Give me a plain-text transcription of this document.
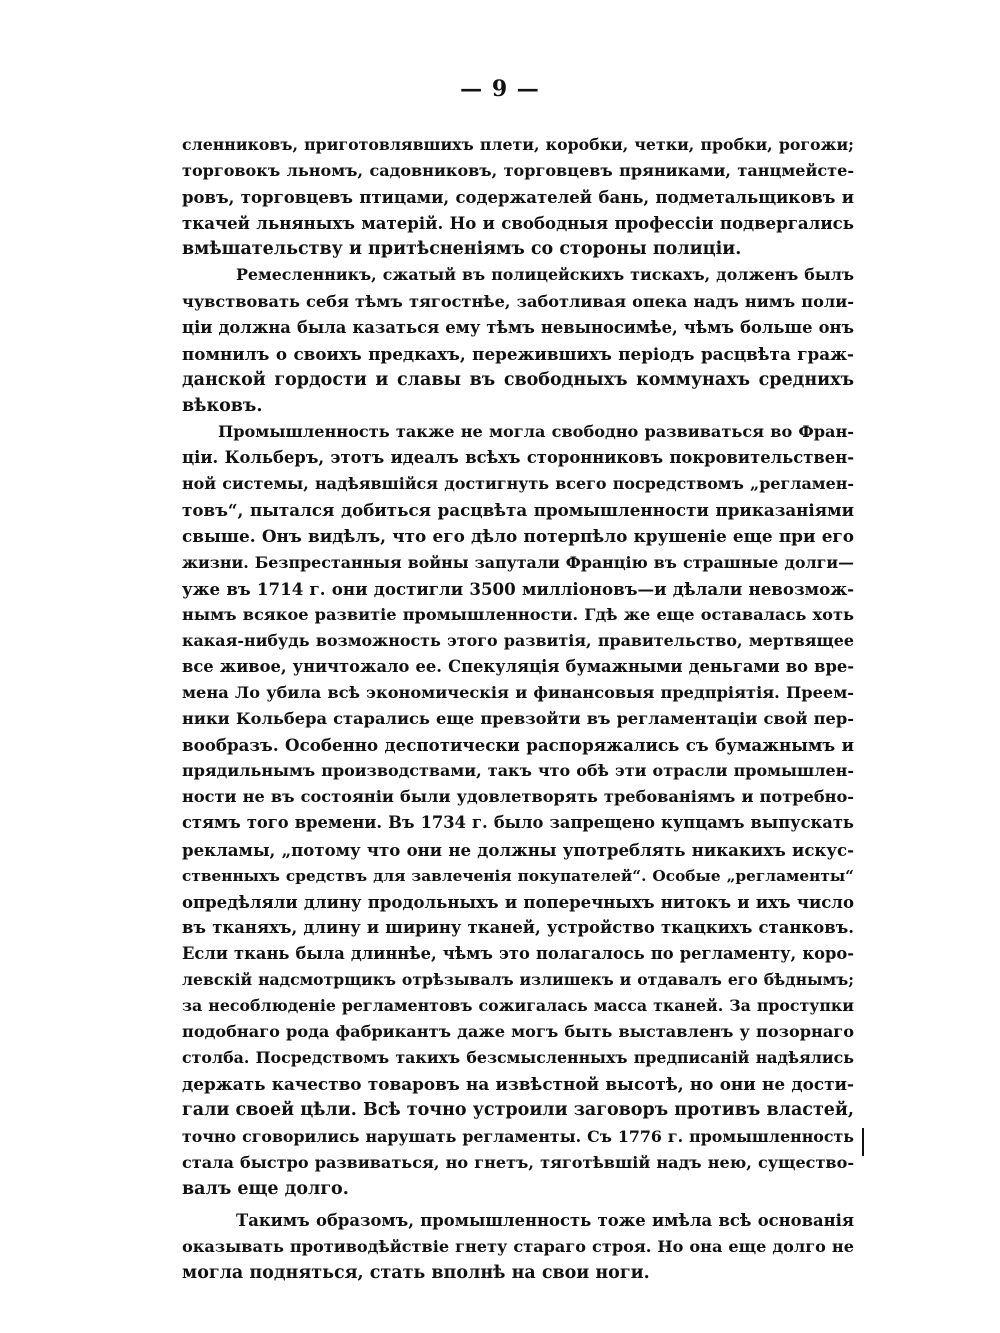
— 9 —
сленниковъ, приготовлявшихъ плети, коробки, четки, пробки, рогожи;
торговокъ льномъ, садовниковъ, торговцевъ пряниками, танцмейсте-
ровъ, торговцевъ птицами, содержателей бань, подметальщиковъ и
ткачей льняныхъ матерій. Но и свободныя профессіи подвергались
вмѣшательству и притѣсненіямъ со стороны полиціи.
Ремесленникъ, сжатый въ полицейскихъ тискахъ, долженъ былъ
чувствовать себя тѣмъ тягостнѣе, заботливая опека надъ нимъ поли-
ціи должна была казаться ему тѣмъ невыносимѣе, чѣмъ больше онъ
помнилъ о своихъ предкахъ, пережившихъ періодъ расцвѣта граж-
данской гордости и славы въ свободныхъ коммунахъ среднихъ
вѣковъ.
Промышленность также не могла свободно развиваться во Фран-
ціи. Кольберъ, этотъ идеалъ всѣхъ сторонниковъ покровительствен-
ной системы, надѣявшійся достигнуть всего посредствомъ „регламен-
товъ“, пытался добиться расцвѣта промышленности приказаніями
свыше. Онъ видѣлъ, что его дѣло потерпѣло крушеніе еще при его
жизни. Безпрестанныя войны запутали Францію въ страшные долги—
уже въ 1714 г. они достигли 3500 милліоновъ—и дѣлали невозмож-
нымъ всякое развитіе промышленности. Гдѣ же еще оставалась хоть
какая-нибудь возможность этого развитія, правительство, мертвящее
все живое, уничтожало ее. Спекуляція бумажными деньгами во вре-
мена Ло убила всѣ экономическія и финансовыя предпріятія. Преем-
ники Кольбера старались еще превзойти въ регламентаціи свой пер-
вообразъ. Особенно деспотически распоряжались съ бумажнымъ и
прядильнымъ производствами, такъ что обѣ эти отрасли промышлен-
ности не въ состояніи были удовлетворять требованіямъ и потребно-
стямъ того времени. Въ 1734 г. было запрещено купцамъ выпускать
рекламы, „потому что они не должны употреблять никакихъ искус-
ственныхъ средствъ для завлеченія покупателей“. Особые „регламенты“
опредѣляли длину продольныхъ и поперечныхъ нитокъ и ихъ число
въ тканяхъ, длину и ширину тканей, устройство ткацкихъ станковъ.
Если ткань была длиннѣе, чѣмъ это полагалось по регламенту, коро-
левскій надсмотрщикъ отрѣзывалъ излишекъ и отдавалъ его бѣднымъ;
за несоблюденіе регламентовъ сожигалась масса тканей. За проступки
подобнаго рода фабрикантъ даже могъ быть выставленъ у позорнаго
столба. Посредствомъ такихъ безсмысленныхъ предписаній надѣялись
держать качество товаровъ на извѣстной высотѣ, но они не дости-
гали своей цѣли. Всѣ точно устроили заговоръ противъ властей,
точно сговорились нарушать регламенты. Съ 1776 г. промышленность
стала быстро развиваться, но гнетъ, тяготѣвшій надъ нею, существо-
валъ еще долго.
Такимъ образомъ, промышленность тоже имѣла всѣ основанія
оказывать противодѣйствіе гнету стараго строя. Но она еще долго не
могла подняться, стать вполнѣ на свои ноги.
